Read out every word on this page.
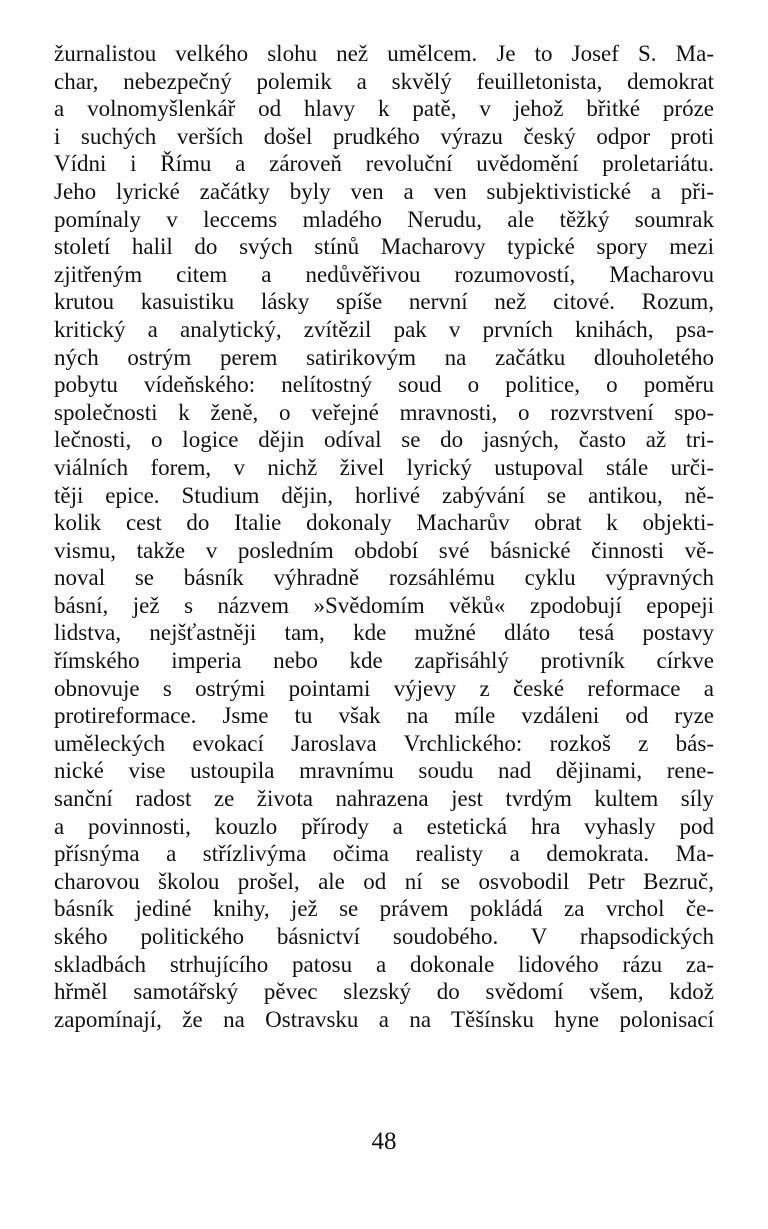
žurnalistou velkého slohu než umělcem. Je to Josef S. Ma-
char, nebezpečný polemik a skvělý feuilletonista, demokrat
a volnomyšlenkář od hlavy k patě, v jehož břitké próze
i suchých verších došel prudkého výrazu český odpor proti
Vídni i Římu a zároveň revoluční uvědomění proletariátu.
Jeho lyrické začátky byly ven a ven subjektivistické a při-
pomínaly v leccems mladého Nerudu, ale těžký soumrak
století halil do svých stínů Macharovy typické spory mezi
zjitřeným citem a nedůvěřivou rozumovostí, Macharovu
krutou kasuistiku lásky spíše nervní než citové. Rozum,
kritický a analytický, zvítězil pak v prvních knihách, psa-
ných ostrým perem satirikovým na začátku dlouholetého
pobytu vídeňského: nelítostný soud o politice, o poměru
společnosti k ženě, o veřejné mravnosti, o rozvrstvení spo-
lečnosti, o logice dějin odíval se do jasných, často až tri-
viálních forem, v nichž živel lyrický ustupoval stále urči-
těji epice. Studium dějin, horlivé zabývání se antikou, ně-
kolik cest do Italie dokonaly Macharův obrat k objekti-
vismu, takže v posledním období své básnické činnosti vě-
noval se básník výhradně rozsáhlému cyklu výpravných
básní, jež s názvem »Svědomím věků« zpodobují epopeji
lidstva, nejšťastněji tam, kde mužné dláto tesá postavy
římského imperia nebo kde zapřisáhlý protivník církve
obnovuje s ostrými pointami výjevy z české reformace a
protireformace. Jsme tu však na míle vzdáleni od ryze
uměleckých evokací Jaroslava Vrchlického: rozkoš z bás-
nické vise ustoupila mravnímu soudu nad dějinami, rene-
sanční radost ze života nahrazena jest tvrdým kultem síly
a povinnosti, kouzlo přírody a estetická hra vyhasly pod
přísnýma a střízlivýma očima realisty a demokrata. Ma-
charovou školou prošel, ale od ní se osvobodil Petr Bezruč,
básník jediné knihy, jež se právem pokládá za vrchol če-
ského politického básnictví soudobého. V rhapsodických
skladbách strhujícího patosu a dokonale lidového rázu za-
hřměl samotářský pěvec slezský do svědomí všem, kdož
zapomínají, že na Ostravsku a na Těšínsku hyne polonisací

48
